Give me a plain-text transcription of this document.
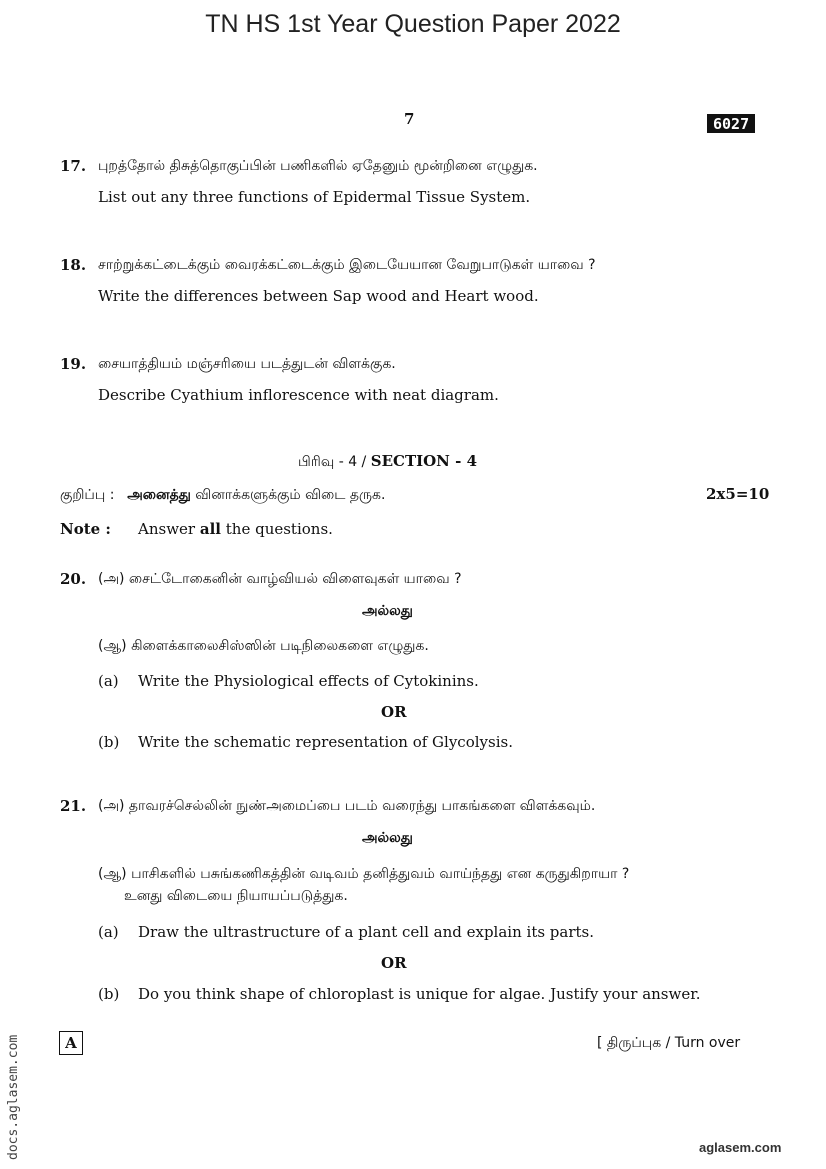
TN HS 1st Year Question Paper 2022
7	6027
17. புறத்தோல் திசுத்தொகுப்பின் பணிகளில் ஏதேனும் மூன்றினை எழுதுக.
List out any three functions of Epidermal Tissue System.
18. சாற்றுக்கட்டைக்கும் வைரக்கட்டைக்கும் இடையேயான வேறுபாடுகள் யாவை ?
Write the differences between Sap wood and Heart wood.
19. சையாத்தியம் மஞ்சரியை படத்துடன் விளக்குக.
Describe Cyathium inflorescence with neat diagram.
பிரிவு - 4 / SECTION - 4
குறிப்பு : அனைத்து வினாக்களுக்கும் விடை தருக.	2x5=10
Note : Answer all the questions.
20. (அ) சைட்டோகைனின் வாழ்வியல் விளைவுகள் யாவை ?
அல்லது
(ஆ) கிளைக்காலைசிஸ்ஸின் படிநிலைகளை எழுதுக.
(a) Write the Physiological effects of Cytokinins.
OR
(b) Write the schematic representation of Glycolysis.
21. (அ) தாவரச்செல்லின் நுண்அமைப்பை படம் வரைந்து பாகங்களை விளக்கவும்.
அல்லது
(ஆ) பாசிகளில் பசுங்கணிகத்தின் வடிவம் தனித்துவம் வாய்ந்தது என கருதுகிறாயா ?
உனது விடையை நியாயப்படுத்துக.
(a) Draw the ultrastructure of a plant cell and explain its parts.
OR
(b) Do you think shape of chloroplast is unique for algae. Justify your answer.
A	[ திருப்புக / Turn over
docs.aglasem.com	aglasem.com
